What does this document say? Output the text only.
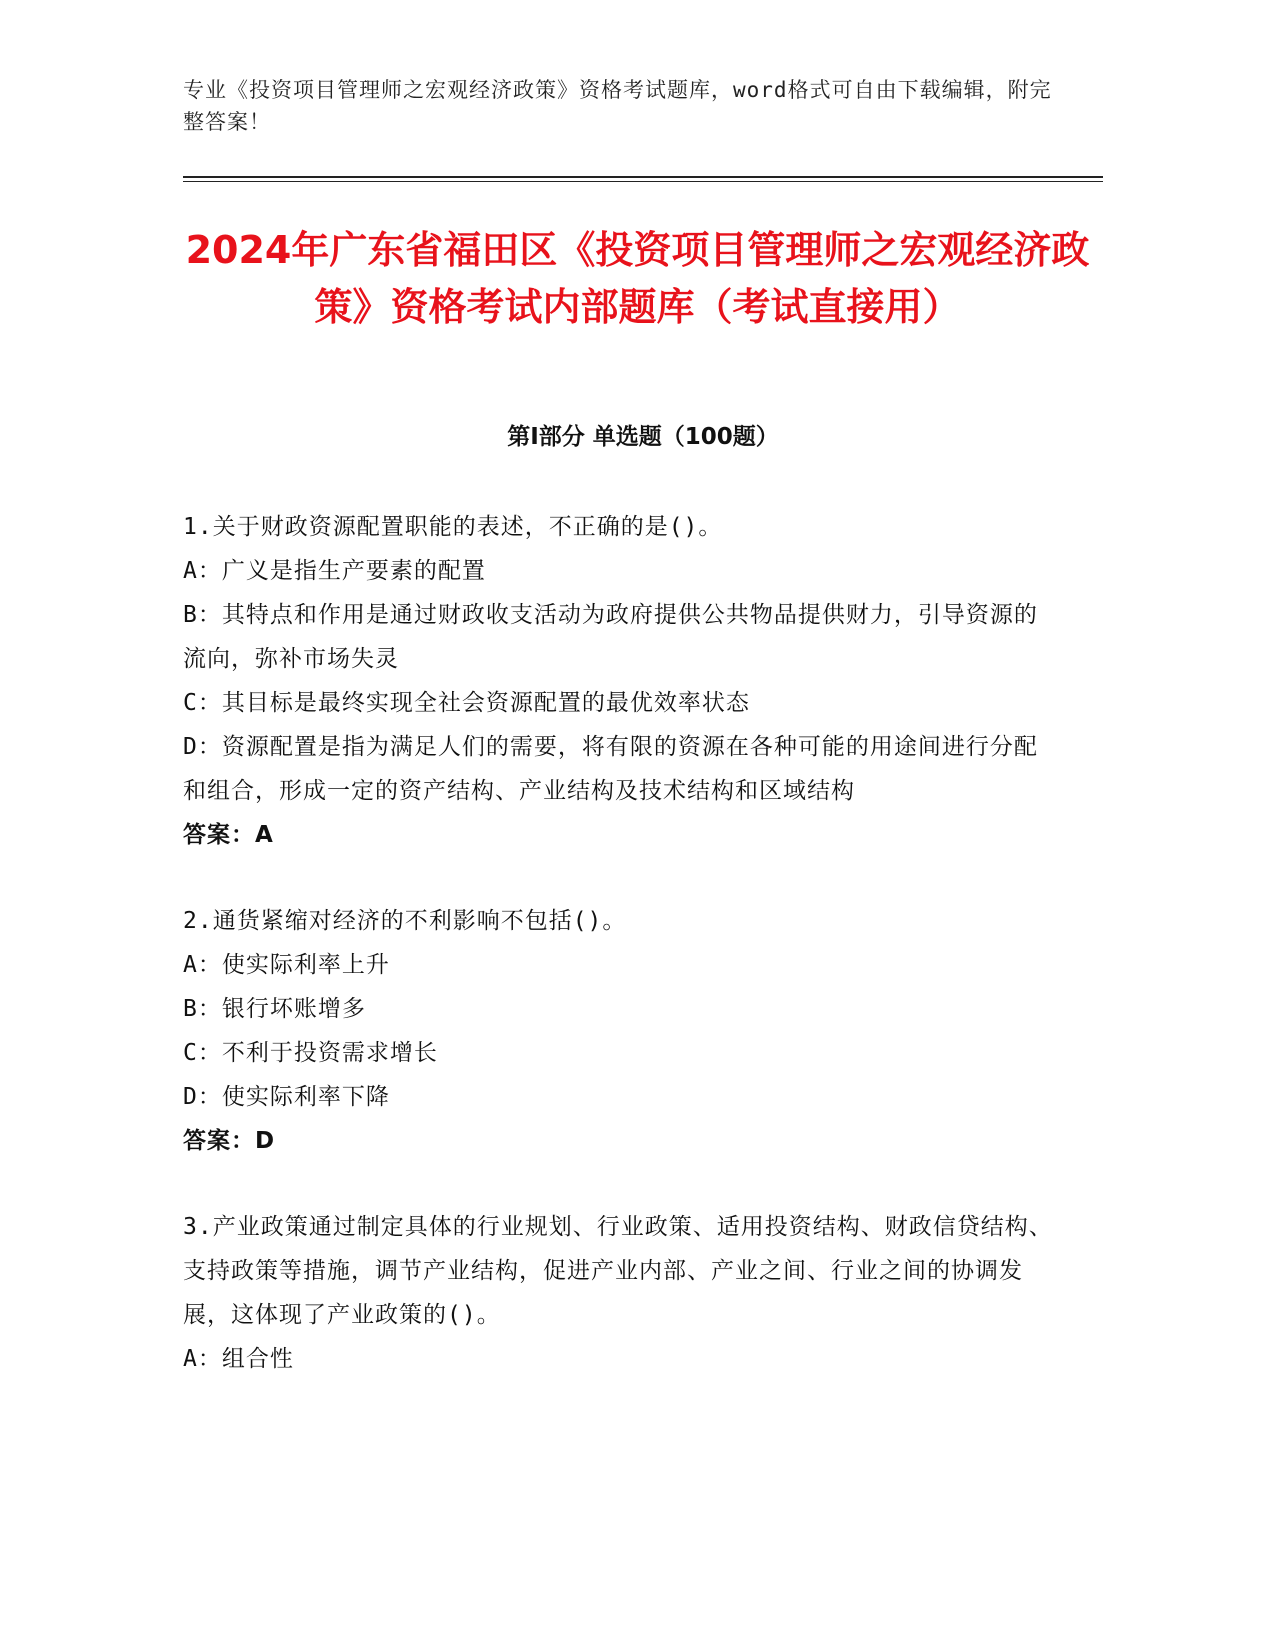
专业《投资项目管理师之宏观经济政策》资格考试题库，word格式可自由下载编辑，附完整答案！
2024年广东省福田区《投资项目管理师之宏观经济政策》资格考试内部题库（考试直接用）
第I部分 单选题（100题）
1.关于财政资源配置职能的表述，不正确的是()。
A：广义是指生产要素的配置
B：其特点和作用是通过财政收支活动为政府提供公共物品提供财力，引导资源的流向，弥补市场失灵
C：其目标是最终实现全社会资源配置的最优效率状态
D：资源配置是指为满足人们的需要，将有限的资源在各种可能的用途间进行分配和组合，形成一定的资产结构、产业结构及技术结构和区域结构
答案：A
2.通货紧缩对经济的不利影响不包括()。
A：使实际利率上升
B：银行坏账增多
C：不利于投资需求增长
D：使实际利率下降
答案：D
3.产业政策通过制定具体的行业规划、行业政策、适用投资结构、财政信贷结构、支持政策等措施，调节产业结构，促进产业内部、产业之间、行业之间的协调发展，这体现了产业政策的()。
A：组合性
